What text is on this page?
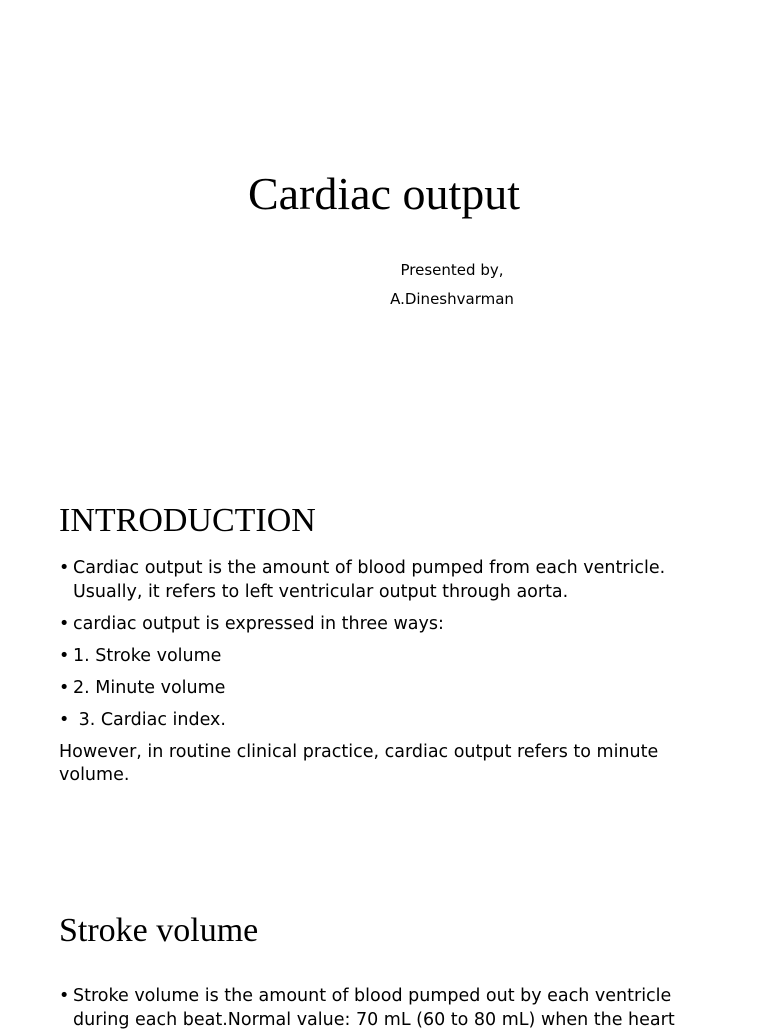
Cardiac output
Presented by,
A.Dineshvarman
INTRODUCTION
• Cardiac output is the amount of blood pumped from each ventricle. Usually, it refers to left ventricular output through aorta.
• cardiac output is expressed in three ways:
• 1. Stroke volume
• 2. Minute volume
• 3. Cardiac index.

However, in routine clinical practice, cardiac output refers to minute volume.

Stroke volume
• Stroke volume is the amount of blood pumped out by each ventricle during each beat.Normal value: 70 mL (60 to 80 mL) when the heart
